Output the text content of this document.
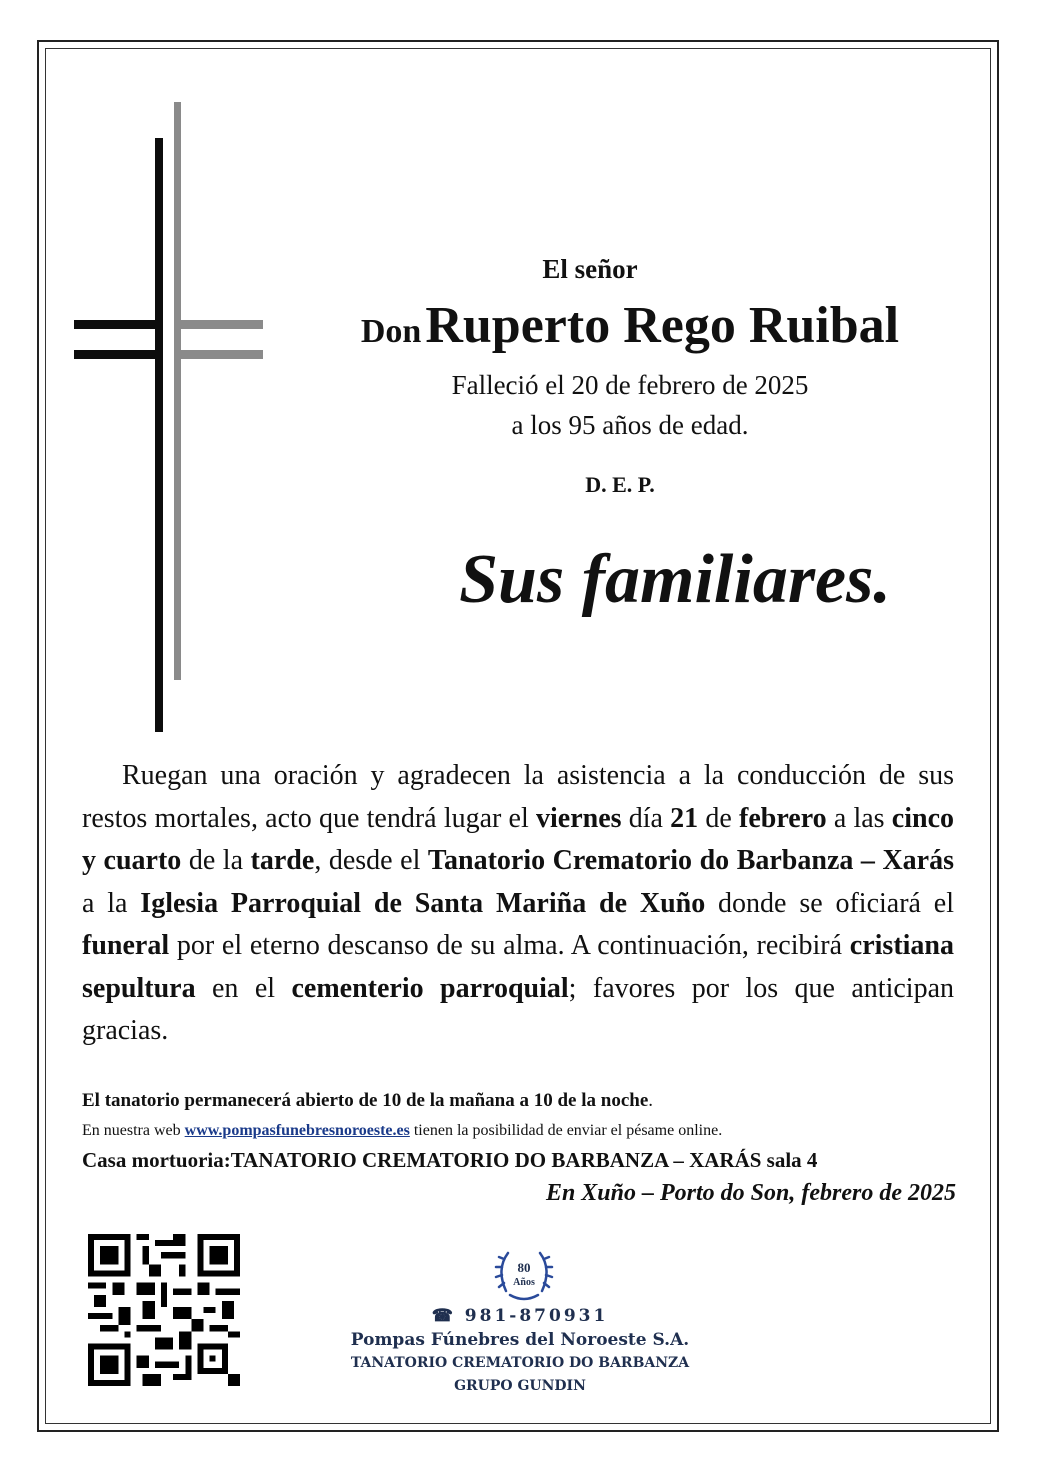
El señor
Don Ruperto Rego Ruibal
Falleció el 20 de febrero de 2025
a los 95 años de edad.
D. E. P.
Sus familiares.
Ruegan una oración y agradecen la asistencia a la conducción de sus restos mortales, acto que tendrá lugar el viernes día 21 de febrero a las cinco y cuarto de la tarde, desde el Tanatorio Crematorio do Barbanza – Xarás a la Iglesia Parroquial de Santa Mariña de Xuño donde se oficiará el funeral por el eterno descanso de su alma. A continuación, recibirá cristiana sepultura en el cementerio parroquial; favores por los que anticipan gracias.
El tanatorio permanecerá abierto de 10 de la mañana a 10 de la noche.
En nuestra web www.pompasfunebresnoroeste.es tienen la posibilidad de enviar el pésame online.
Casa mortuoria:TANATORIO CREMATORIO DO BARBANZA – XARÁS sala 4
En Xuño – Porto do Son, febrero de 2025
80
Años
☎ 981-870931
Pompas Fúnebres del Noroeste S.A.
TANATORIO CREMATORIO DO BARBANZA
GRUPO GUNDIN
